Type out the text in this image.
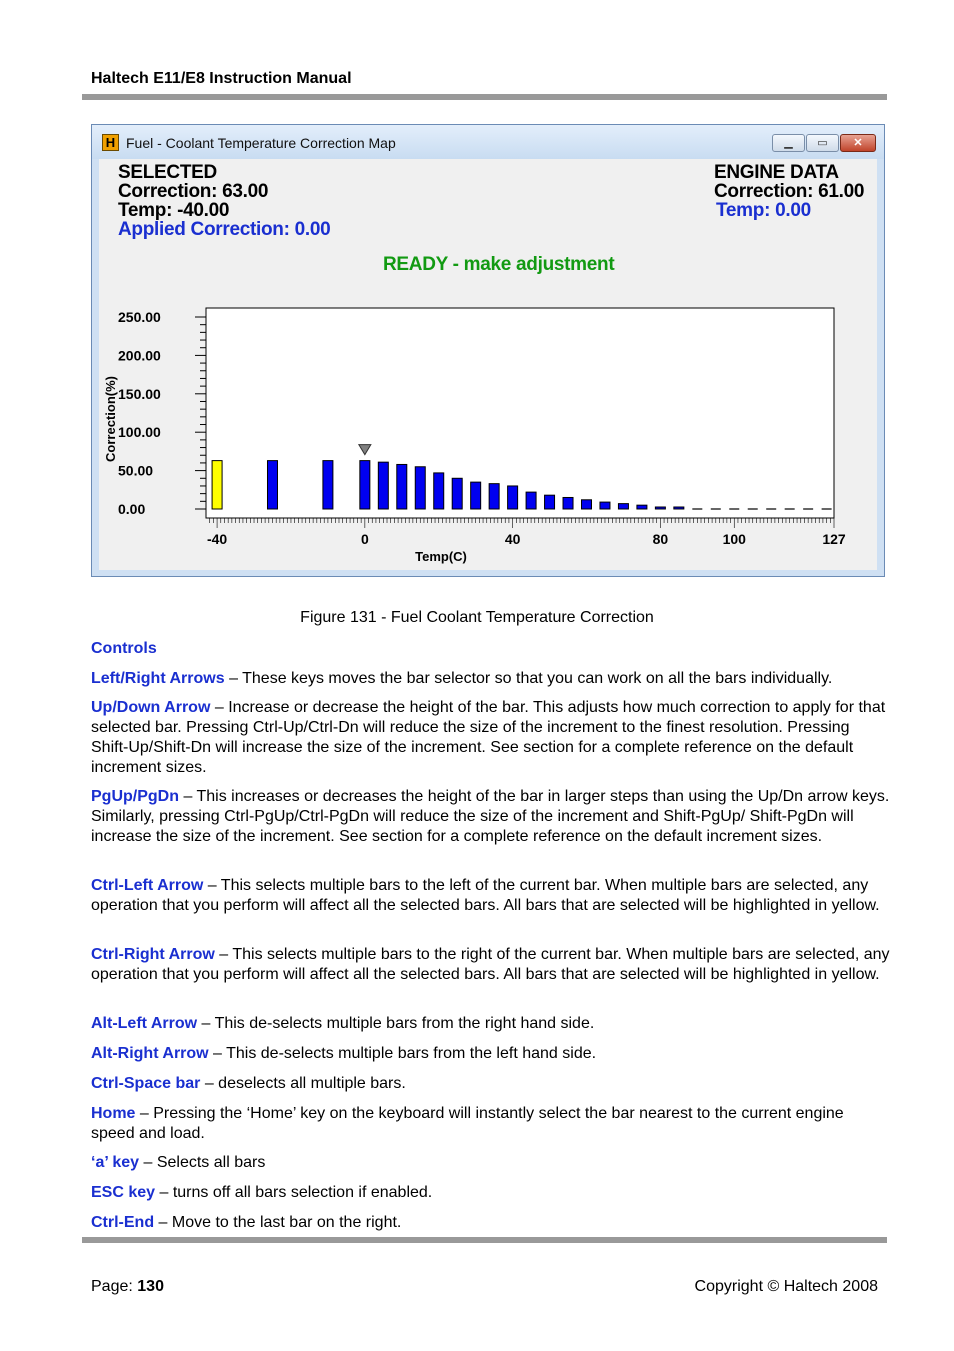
Haltech E11/E8 Instruction Manual
H Fuel - Coolant Temperature Correction Map	▁	▭	✕
SELECTED
Correction: 63.00
Temp: -40.00
Applied Correction: 0.00
ENGINE DATA
Correction: 61.00
Temp: 0.00
READY - make adjustment
0.00
50.00
100.00
150.00
200.00
250.00
Correction(%)
-40	0	40	80	100	127
Temp(C)
Figure 131 - Fuel Coolant Temperature Correction
Controls
Left/Right Arrows – These keys moves the bar selector so that you can work on all the bars individually.
Up/Down Arrow – Increase or decrease the height of the bar. This adjusts how much correction to apply for that selected bar. Pressing Ctrl-Up/Ctrl-Dn will reduce the size of the increment to the finest resolution. Pressing Shift-Up/Shift-Dn will increase the size of the increment. See section for a complete reference on the default increment sizes.
PgUp/PgDn – This increases or decreases the height of the bar in larger steps than using the Up/Dn arrow keys. Similarly, pressing Ctrl-PgUp/Ctrl-PgDn will reduce the size of the increment and Shift-PgUp/ Shift-PgDn will increase the size of the increment. See section for a complete reference on the default increment sizes.
Ctrl-Left Arrow – This selects multiple bars to the left of the current bar. When multiple bars are selected, any operation that you perform will affect all the selected bars. All bars that are selected will be highlighted in yellow.
Ctrl-Right Arrow – This selects multiple bars to the right of the current bar. When multiple bars are selected, any operation that you perform will affect all the selected bars. All bars that are selected will be highlighted in yellow.
Alt-Left Arrow – This de-selects multiple bars from the right hand side.
Alt-Right Arrow – This de-selects multiple bars from the left hand side.
Ctrl-Space bar – deselects all multiple bars.
Home – Pressing the ‘Home’ key on the keyboard will instantly select the bar nearest to the current engine speed and load.
‘a’ key – Selects all bars
ESC key – turns off all bars selection if enabled.
Ctrl-End – Move to the last bar on the right.
Page: 130	Copyright © Haltech 2008
